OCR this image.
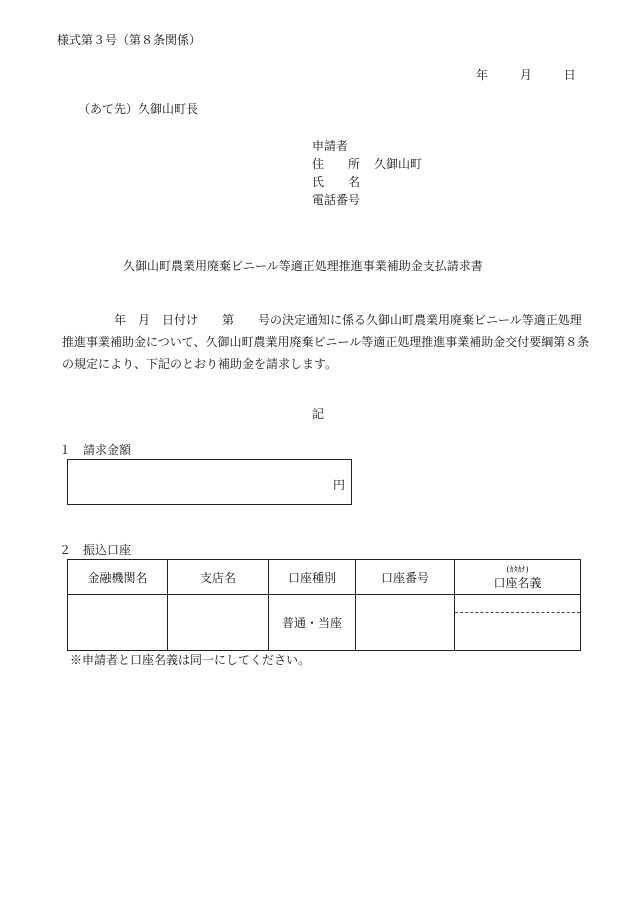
様式第３号（第８条関係）
年	月	日
（あて先）久御山町長
申請者
住所久御山町
氏名
電話番号
久御山町農業用廃棄ビニール等適正処理推進事業補助金支払請求書
年　月　日付け　　第　　号の決定通知に係る久御山町農業用廃棄ビニール等適正処理推進事業補助金について、久御山町農業用廃棄ビニール等適正処理推進事業補助金交付要綱第８条の規定により、下記のとおり補助金を請求します。
記
１　請求金額
円
２　振込口座
金融機関名	支店名	口座種別	口座番号	(ｶﾀｶﾅ)
口座名義

		普通・当座		
※申請者と口座名義は同一にしてください。
